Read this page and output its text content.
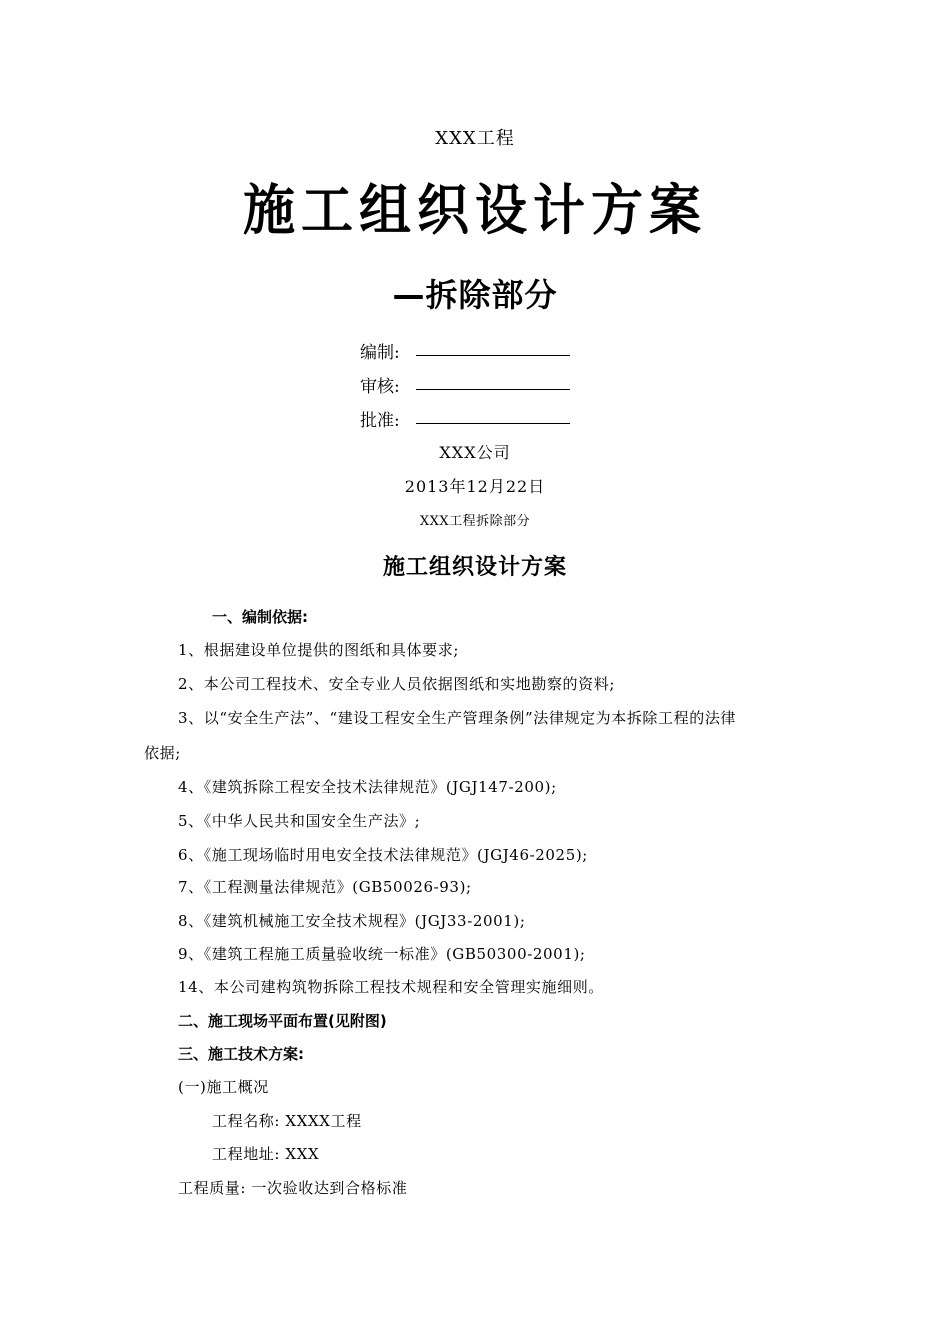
XXX工程
施工组织设计方案
—拆除部分
编制:
审核:
批准:
XXX公司
2013年12月22日
XXX工程拆除部分
施工组织设计方案
一、编制依据:
1、根据建设单位提供的图纸和具体要求;
2、本公司工程技术、安全专业人员依据图纸和实地勘察的资料;
3、以“安全生产法”、“建设工程安全生产管理条例”法律规定为本拆除工程的法律
依据;
4、《建筑拆除工程安全技术法律规范》(JGJ147-200);
5、《中华人民共和国安全生产法》;
6、《施工现场临时用电安全技术法律规范》(JGJ46-2025);
7、《工程测量法律规范》(GB50026-93);
8、《建筑机械施工安全技术规程》(JGJ33-2001);
9、《建筑工程施工质量验收统一标准》(GB50300-2001);
14、本公司建构筑物拆除工程技术规程和安全管理实施细则。
二、施工现场平面布置(见附图)
三、施工技术方案:
(一)施工概况
工程名称: XXXX工程
工程地址: XXX
工程质量: 一次验收达到合格标准
